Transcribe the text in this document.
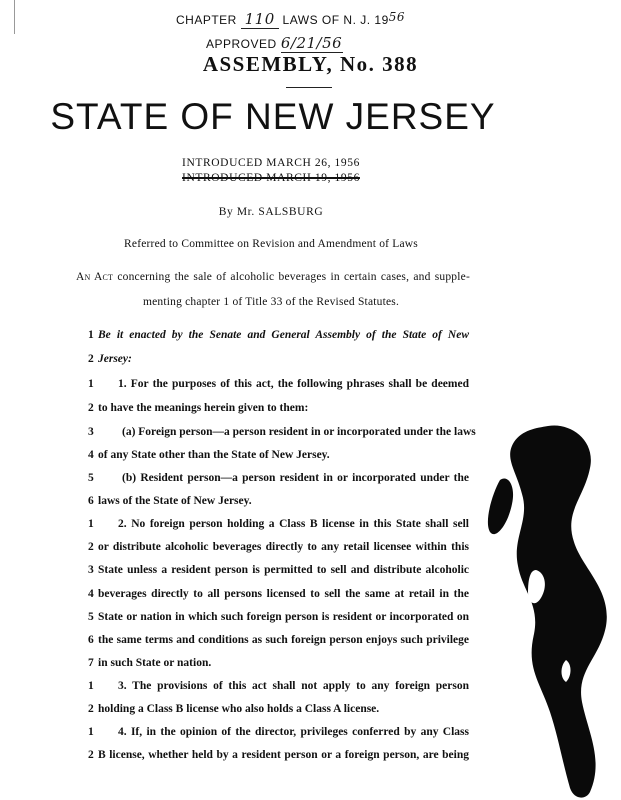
CHAPTER 110 LAWS OF N. J. 1956
APPROVED 6/21/56
ASSEMBLY, No. 388
STATE OF NEW JERSEY
INTRODUCED MARCH 26, 1956
INTRODUCED MARCH 19, 1956
By Mr. SALSBURG
Referred to Committee on Revision and Amendment of Laws
An Act concerning the sale of alcoholic beverages in certain cases, and supple-
menting chapter 1 of Title 33 of the Revised Statutes.
1 Be it enacted by the Senate and General Assembly of the State of New
2 Jersey:
1	1. For the purposes of this act, the following phrases shall be deemed
2 to have the meanings herein given to them:
3	(a) Foreign person—a person resident in or incorporated under the laws
4 of any State other than the State of New Jersey.
5	(b) Resident person—a person resident in or incorporated under the
6 laws of the State of New Jersey.
1	2. No foreign person holding a Class B license in this State shall sell
2 or distribute alcoholic beverages directly to any retail licensee within this
3 State unless a resident person is permitted to sell and distribute alcoholic
4 beverages directly to all persons licensed to sell the same at retail in the
5 State or nation in which such foreign person is resident or incorporated on
6 the same terms and conditions as such foreign person enjoys such privilege
7 in such State or nation.
1	3. The provisions of this act shall not apply to any foreign person
2 holding a Class B license who also holds a Class A license.
1	4. If, in the opinion of the director, privileges conferred by any Class
2 B license, whether held by a resident person or a foreign person, are being
